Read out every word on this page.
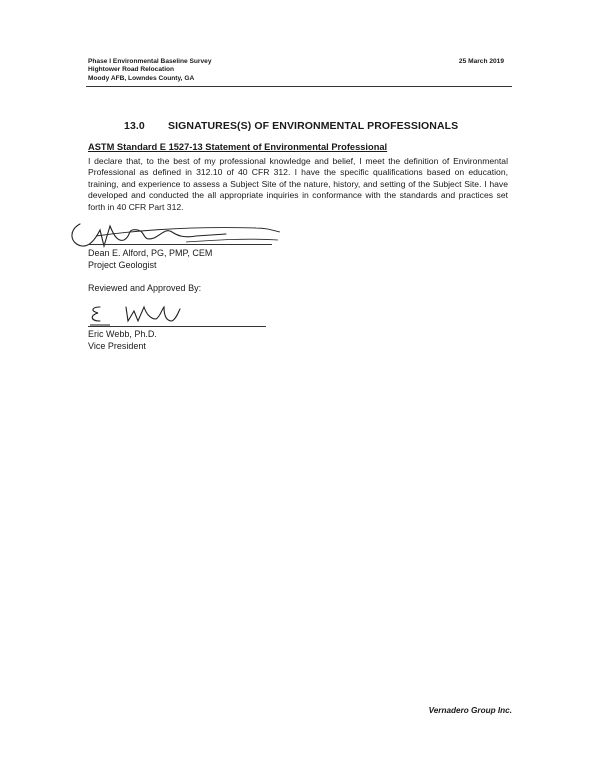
Phase I Environmental Baseline Survey
Hightower Road Relocation
Moody AFB, Lowndes County, GA
25 March 2019
13.0 SIGNATURES(S) OF ENVIRONMENTAL PROFESSIONALS
ASTM Standard E 1527-13 Statement of Environmental Professional
I declare that, to the best of my professional knowledge and belief, I meet the definition of Environmental Professional as defined in 312.10 of 40 CFR 312. I have the specific qualifications based on education, training, and experience to assess a Subject Site of the nature, history, and setting of the Subject Site. I have developed and conducted the all appropriate inquiries in conformance with the standards and practices set forth in 40 CFR Part 312.
Dean E. Alford, PG, PMP, CEM
Project Geologist
Reviewed and Approved By:
Eric Webb, Ph.D.
Vice President
Vernadero Group Inc.
